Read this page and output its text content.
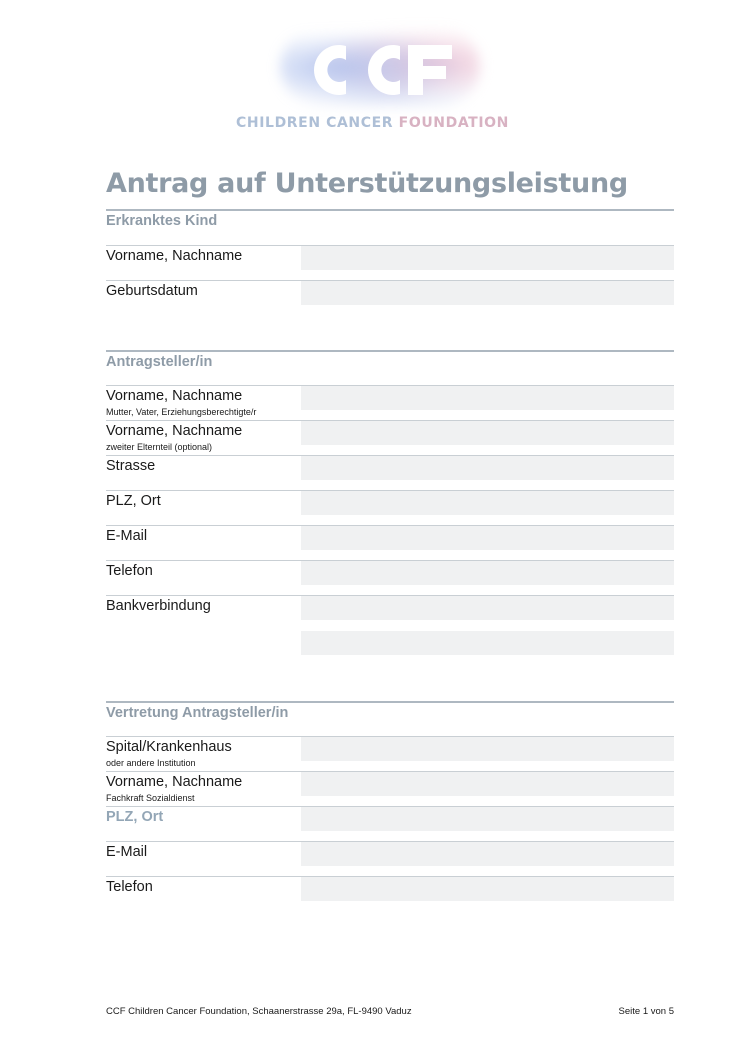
CHILDREN CANCER FOUNDATION
Antrag auf Unterstützungsleistung
Erkranktes Kind
Vorname, Nachname
Geburtsdatum
Antragsteller/in
Vorname, Nachname
Mutter, Vater, Erziehungsberechtigte/r
Vorname, Nachname
zweiter Elternteil (optional)
Strasse
PLZ, Ort
E-Mail
Telefon
Bankverbindung
Vertretung Antragsteller/in
Spital/Krankenhaus
oder andere Institution
Vorname, Nachname
Fachkraft Sozialdienst
PLZ, Ort
E-Mail
Telefon
CCF Children Cancer Foundation, Schaanerstrasse 29a, FL-9490 Vaduz	Seite 1 von 5
